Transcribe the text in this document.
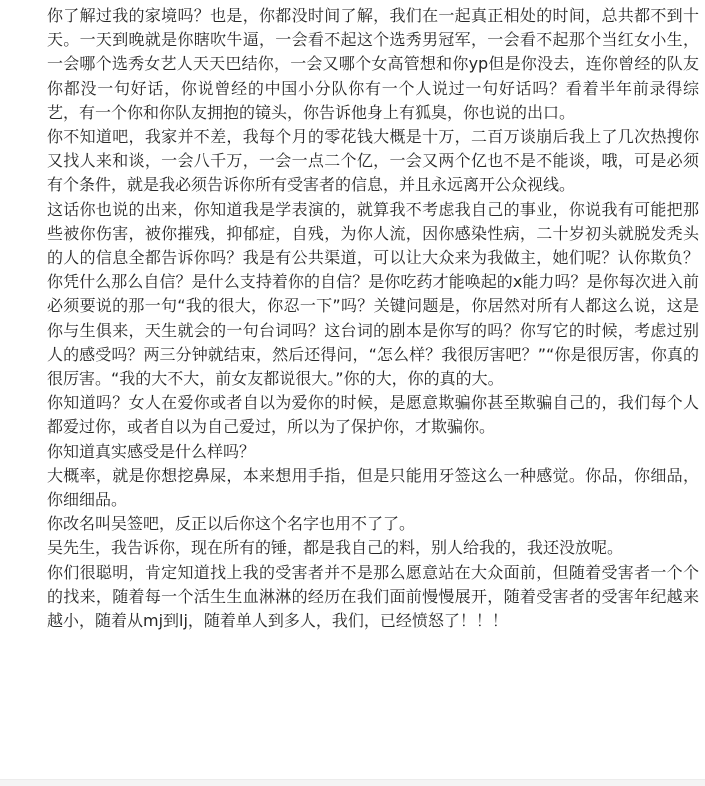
你了解过我的家境吗？也是，你都没时间了解，我们在一起真正相处的时间，总共都不到十天。一天到晚就是你瞎吹牛逼，一会看不起这个选秀男冠军，一会看不起那个当红女小生，一会哪个选秀女艺人天天巴结你，一会又哪个女高管想和你yp但是你没去，连你曾经的队友你都没一句好话，你说曾经的中国小分队你有一个人说过一句好话吗？看着半年前录得综艺，有一个你和你队友拥抱的镜头，你告诉他身上有狐臭，你也说的出口。

你不知道吧，我家并不差，我每个月的零花钱大概是十万，二百万谈崩后我上了几次热搜你又找人来和谈，一会八千万，一会一点二个亿，一会又两个亿也不是不能谈，哦，可是必须有个条件，就是我必须告诉你所有受害者的信息，并且永远离开公众视线。

这话你也说的出来，你知道我是学表演的，就算我不考虑我自己的事业，你说我有可能把那些被你伤害，被你摧残，抑郁症，自残，为你人流，因你感染性病，二十岁初头就脱发秃头的人的信息全都告诉你吗？我是有公共渠道，可以让大众来为我做主，她们呢？认你欺负？你凭什么那么自信？是什么支持着你的自信？是你吃药才能唤起的x能力吗？是你每次进入前必须要说的那一句“我的很大，你忍一下”吗？关键问题是，你居然对所有人都这么说，这是你与生俱来，天生就会的一句台词吗？这台词的剧本是你写的吗？你写它的时候，考虑过别人的感受吗？两三分钟就结束，然后还得问，“怎么样？我很厉害吧？”“你是很厉害，你真的很厉害。“我的大不大，前女友都说很大。”你的大，你的真的大。

你知道吗？女人在爱你或者自以为爱你的时候，是愿意欺骗你甚至欺骗自己的，我们每个人都爱过你，或者自以为自己爱过，所以为了保护你，才欺骗你。

你知道真实感受是什么样吗？

大概率，就是你想挖鼻屎，本来想用手指，但是只能用牙签这么一种感觉。你品，你细品，你细细品。

你改名叫吴签吧，反正以后你这个名字也用不了了。

吴先生，我告诉你，现在所有的锤，都是我自己的料，别人给我的，我还没放呢。

你们很聪明，肯定知道找上我的受害者并不是那么愿意站在大众面前，但随着受害者一个个的找来，随着每一个活生生血淋淋的经历在我们面前慢慢展开，随着受害者的受害年纪越来越小，随着从mj到lj，随着单人到多人，我们，已经愤怒了！！！
